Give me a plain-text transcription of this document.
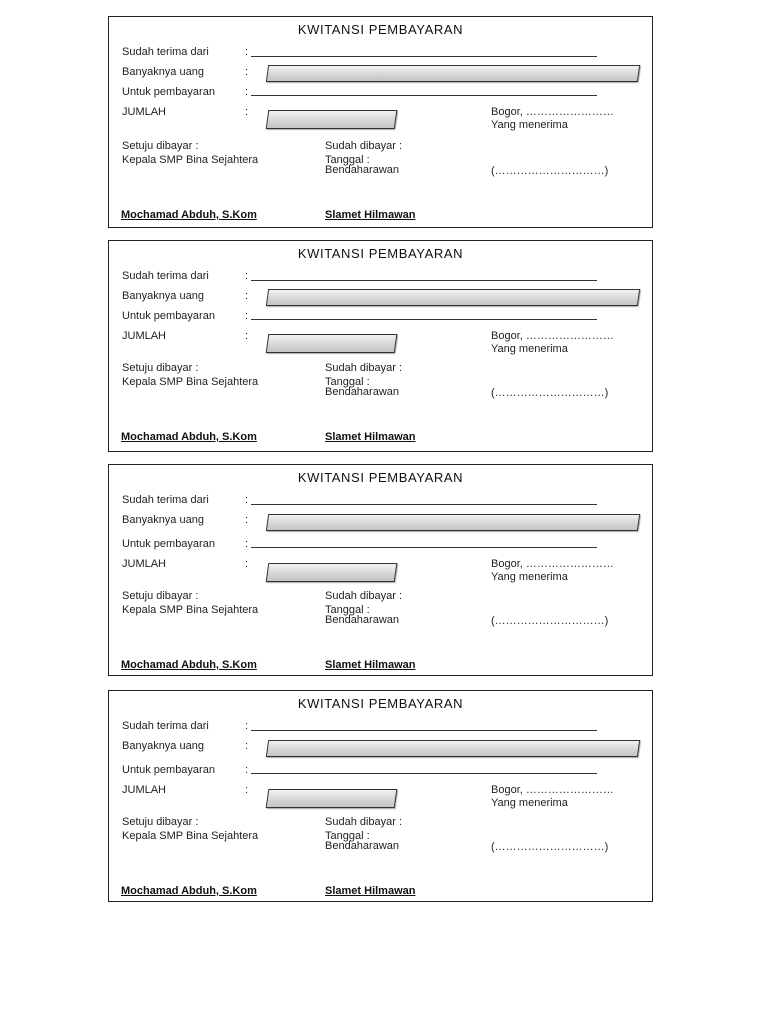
KWITANSI PEMBAYARAN
Sudah terima dari	:
Banyaknya uang	:
Untuk pembayaran	:
JUMLAH	:	Bogor, ……………………
Yang menerima
Setuju dibayar :
Kepala SMP Bina Sejahtera
Sudah dibayar :
Tanggal :
Bendaharawan	(…………………………)
Mochamad Abduh, S.Kom	Slamet Hilmawan
KWITANSI PEMBAYARAN
Sudah terima dari	:
Banyaknya uang	:
Untuk pembayaran	:
JUMLAH	:	Bogor, ……………………
Yang menerima
Setuju dibayar :
Kepala SMP Bina Sejahtera
Sudah dibayar :
Tanggal :
Bendaharawan	(…………………………)
Mochamad Abduh, S.Kom	Slamet Hilmawan
KWITANSI PEMBAYARAN
Sudah terima dari	:
Banyaknya uang	:
Untuk pembayaran	:
JUMLAH	:	Bogor, ……………………
Yang menerima
Setuju dibayar :
Kepala SMP Bina Sejahtera
Sudah dibayar :
Tanggal :
Bendaharawan	(…………………………)
Mochamad Abduh, S.Kom	Slamet Hilmawan
KWITANSI PEMBAYARAN
Sudah terima dari	:
Banyaknya uang	:
Untuk pembayaran	:
JUMLAH	:	Bogor, ……………………
Yang menerima
Setuju dibayar :
Kepala SMP Bina Sejahtera
Sudah dibayar :
Tanggal :
Bendaharawan	(…………………………)
Mochamad Abduh, S.Kom	Slamet Hilmawan
